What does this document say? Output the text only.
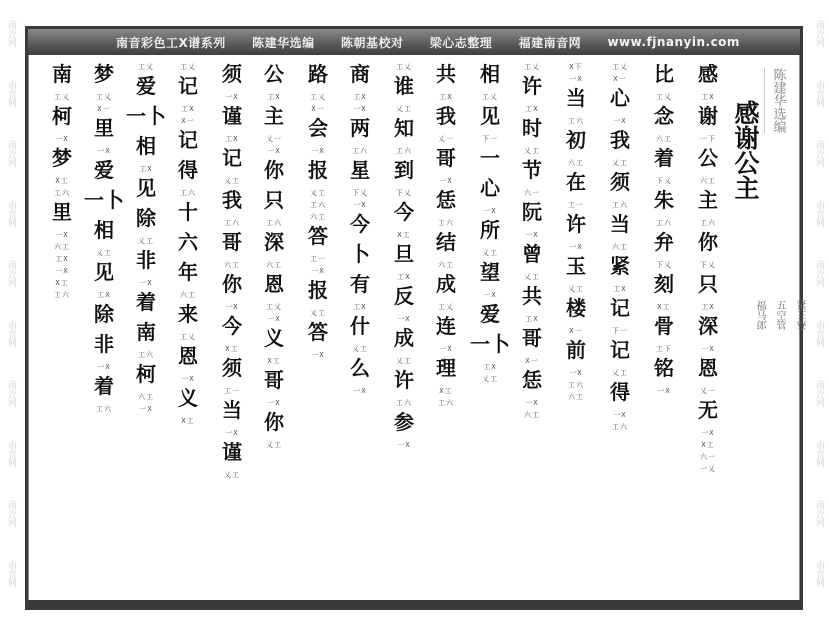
南音网
南音网
南音网
南音网
南音网
南音网
南音网
南音网
南音网
南音网
南音网
南音网
南音网
南音网
南音网
南音网
南音网
南音网
南音网
南音网
南音彩色工X谱系列 陈建华选编 陈朝基校对 梁心志整理 福建南音网 www.fjnanyin.com
感
工X
谢
一下
公
六工
主
工六
你
下乂
只
工X
深
一X
恩
乂一
无
一X
X工
六一
一乂
比
工乂
念
六工
着
下乂
朱
工六
弁
下乂
刻
X工
骨
工下
铭
一X
工乂
X一
心
一X
我
乂工
须
工六
当
六工
紧
工X
记
下一
记
乂工
得
一X
工六
X下
一X
当
工六
初
六工
在
工一
许
一X
玉
乂工
楼
X一
前
一X
工六
六工
工乂
许
工X
时
乂工
节
六一
阮
一X
曾
乂工
共
工X
哥
X一
恁
一X
六工
相
工乂
见
下一
一
心
一X
所
乂工
望
一X
爱
一卜
工X
乂工
共
工X
我
乂一
哥
一X
恁
工六
结
六工
成
工乂
连
一X
理
X工
工六
工乂
谁
乂工
知
工六
到
下乂
今
X工
旦
工X
反
一X
成
乂工
许
工六
参
一X
商
工X
一X
两
工六
星
下乂
一X
今
卜
有
工X
什
乂工
么
一X
路
工乂
X一
会
一X
报
乂工
工六
六工
答
工一
一X
报
乂工
答
一X
公
工X
主
乂一
一X
你
只
工六
深
六工
恩
工乂
一X
义
X工
哥
一X
你
乂工
须
一X
谨
工X
记
乂工
我
工六
哥
六工
你
一X
今
X工
须
工一
当
一X
谨
乂工
工乂
记
工X
X一
记
得
工六
十
六
年
六工
来
工乂
恩
一X
义
X工
工乂
爱
一卜
相
工X
见
除
乂工
非
一X
着
南
工六
柯
六工
一X
梦
工乂
X一
里
一X
爱
一卜
相
乂工
见
工X
除
非
一X
着
工六
南
工乂
柯
一X
梦
X工
工六
里
一X
六工
工X
一X
X工
工六
感谢公主 陈建华选编
福马郎 五空管 紧三寮
